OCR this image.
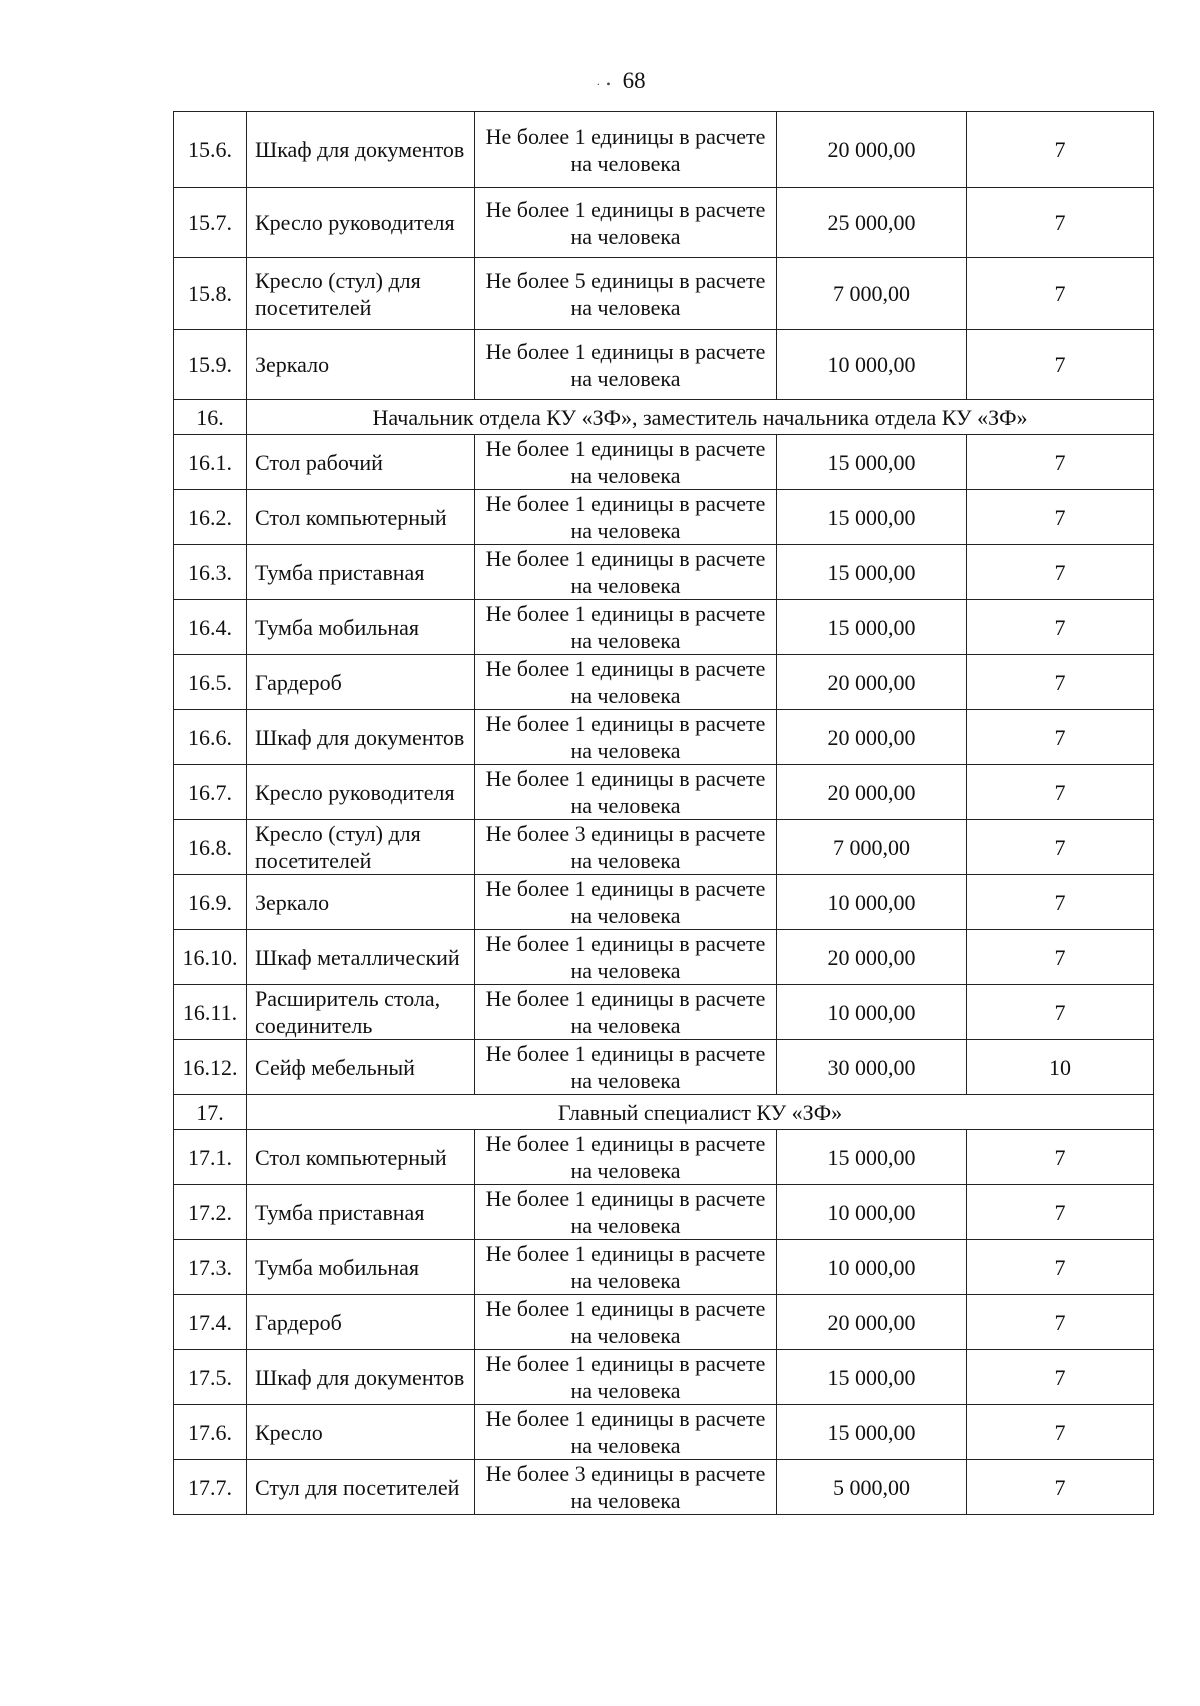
·• 68
15.6.	Шкаф для документов	Не более 1 единицы в расчете на человека	20 000,00	7
15.7.	Кресло руководителя	Не более 1 единицы в расчете на человека	25 000,00	7
15.8.	Кресло (стул) для посетителей	Не более 5 единицы в расчете на человека	7 000,00	7
15.9.	Зеркало	Не более 1 единицы в расчете на человека	10 000,00	7
16.	Начальник отдела КУ «ЗФ», заместитель начальника отдела КУ «ЗФ»			
16.1.	Стол рабочий	Не более 1 единицы в расчете на человека	15 000,00	7
16.2.	Стол компьютерный	Не более 1 единицы в расчете на человека	15 000,00	7
16.3.	Тумба приставная	Не более 1 единицы в расчете на человека	15 000,00	7
16.4.	Тумба мобильная	Не более 1 единицы в расчете на человека	15 000,00	7
16.5.	Гардероб	Не более 1 единицы в расчете на человека	20 000,00	7
16.6.	Шкаф для документов	Не более 1 единицы в расчете на человека	20 000,00	7
16.7.	Кресло руководителя	Не более 1 единицы в расчете на человека	20 000,00	7
16.8.	Кресло (стул) для посетителей	Не более 3 единицы в расчете на человека	7 000,00	7
16.9.	Зеркало	Не более 1 единицы в расчете на человека	10 000,00	7
16.10.	Шкаф металлический	Не более 1 единицы в расчете на человека	20 000,00	7
16.11.	Расширитель стола, соединитель	Не более 1 единицы в расчете на человека	10 000,00	7
16.12.	Сейф мебельный	Не более 1 единицы в расчете на человека	30 000,00	10
17.	Главный специалист КУ «ЗФ»			
17.1.	Стол компьютерный	Не более 1 единицы в расчете на человека	15 000,00	7
17.2.	Тумба приставная	Не более 1 единицы в расчете на человека	10 000,00	7
17.3.	Тумба мобильная	Не более 1 единицы в расчете на человека	10 000,00	7
17.4.	Гардероб	Не более 1 единицы в расчете на человека	20 000,00	7
17.5.	Шкаф для документов	Не более 1 единицы в расчете на человека	15 000,00	7
17.6.	Кресло	Не более 1 единицы в расчете на человека	15 000,00	7
17.7.	Стул для посетителей	Не более 3 единицы в расчете на человека	5 000,00	7
